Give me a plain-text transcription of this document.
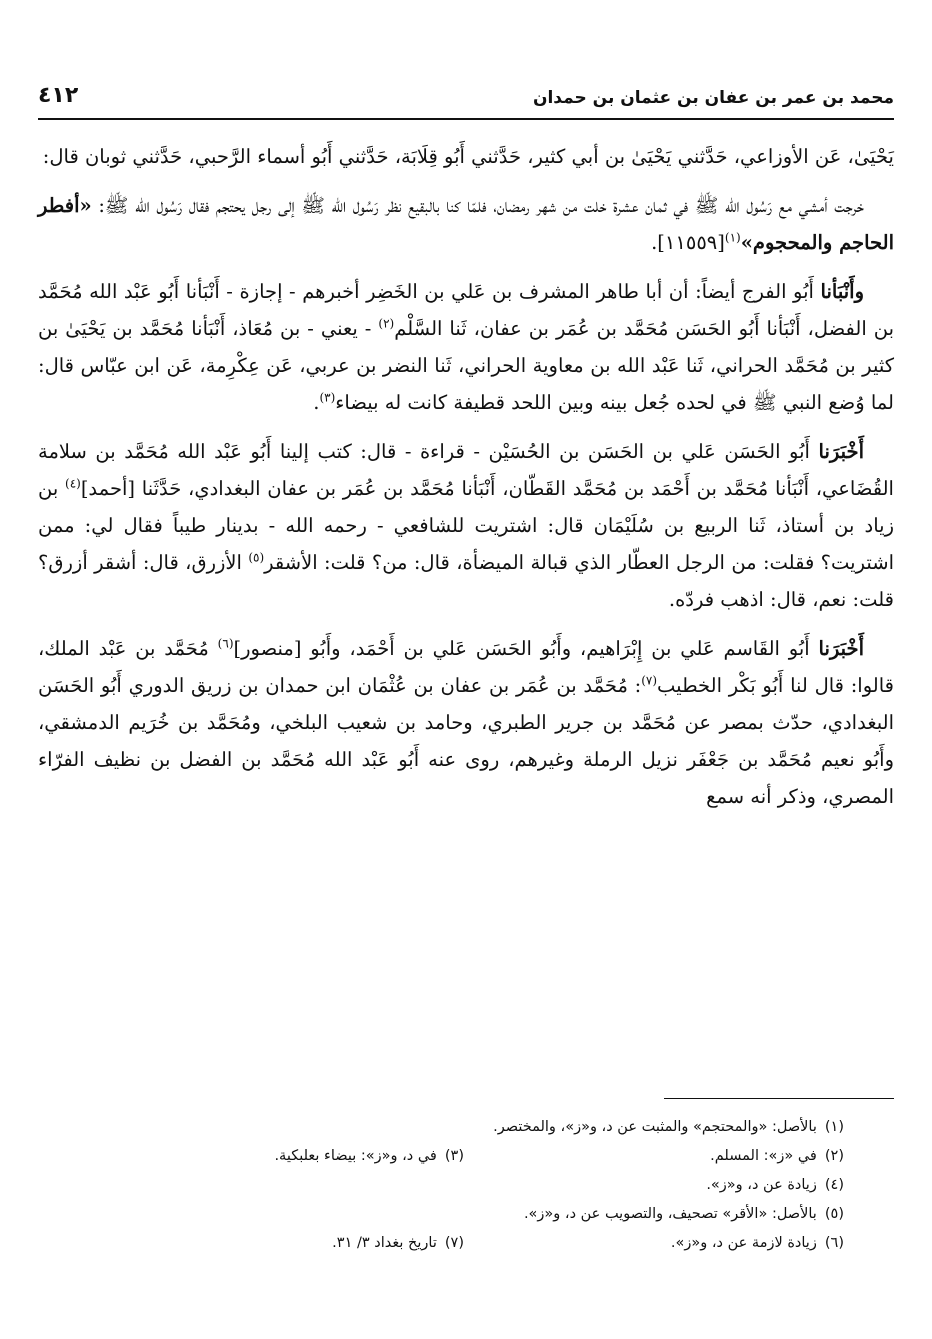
محمد بن عمر بن عفان بن عثمان بن حمدان
٤١٢

يَحْيَىٰ، عَن الأوزاعي، حَدَّثني يَحْيَىٰ بن أبي كثير، حَدَّثني أَبُو قِلَابَة، حَدَّثني أَبُو أسماء الرَّحبي، حَدَّثني ثوبان قال:

خرجت أمشي مع رَسُول الله ﷺ في ثمان عشرة خلت من شهر رمضان، فلمّا كنا بالبقيع نظر رَسُول الله ﷺ إلى رجل يحتجم فقال رَسُول الله ﷺ: «أفطر الحاجم والمحجوم»$^{(١)}$[١١٥٥٩].

وأَنْبَأنا أَبُو الفرج أيضاً: أن أبا طاهر المشرف بن عَلي بن الخَضِر أخبرهم - إجازة - أَنْبَأنا أَبُو عَبْد الله مُحَمَّد بن الفضل، أَنْبَأنا أَبُو الحَسَن مُحَمَّد بن عُمَر بن عفان، ثَنا السَّلْم$^{(٢)}$ - يعني - بن مُعَاذ، أَنْبَأنا مُحَمَّد بن يَحْيَىٰ بن كثير بن مُحَمَّد الحراني، ثَنا عَبْد الله بن معاوية الحراني، ثَنا النضر بن عربي، عَن عِكْرِمة، عَن ابن عبّاس قال: لما وُضع النبي ﷺ في لحده جُعل بينه وبين اللحد قطيفة كانت له بيضاء$^{(٣)}$.

أَخْبَرَنا أَبُو الحَسَن عَلي بن الحَسَن بن الحُسَيْن - قراءة - قال: كتب إلينا أَبُو عَبْد الله مُحَمَّد بن سلامة القُضَاعي، أَنْبَأنا مُحَمَّد بن أَحْمَد بن مُحَمَّد القَطّان، أَنْبَأنا مُحَمَّد بن عُمَر بن عفان البغدادي، حَدَّثَنا [أحمد]$^{(٤)}$ بن زياد بن أستاذ، ثَنا الربيع بن سُلَيْمَان قال: اشتريت للشافعي - رحمه الله - بدينار طيباً فقال لي: ممن اشتريت؟ فقلت: من الرجل العطّار الذي قبالة الميضأة، قال: من؟ قلت: الأشقر$^{(٥)}$ الأزرق، قال: أشقر أزرق؟ قلت: نعم، قال: اذهب فردّه.

أَخْبَرَنا أَبُو القَاسم عَلي بن إِبْرَاهيم، وأَبُو الحَسَن عَلي بن أَحْمَد، وأَبُو [منصور]$^{(٦)}$ مُحَمَّد بن عَبْد الملك، قالوا: قال لنا أَبُو بَكْر الخطيب$^{(٧)}$: مُحَمَّد بن عُمَر بن عفان بن عُثْمَان ابن حمدان بن زريق الدوري أَبُو الحَسَن البغدادي، حدّث بمصر عن مُحَمَّد بن جرير الطبري، وحامد بن شعيب البلخي، ومُحَمَّد بن خُرَيم الدمشقي، وأَبُو نعيم مُحَمَّد بن جَعْفَر نزيل الرملة وغيرهم، روى عنه أَبُو عَبْد الله مُحَمَّد بن الفضل بن نظيف الفرّاء المصري، وذكر أنه سمع

(١)
بالأصل: «والمحتجم» والمثبت عن د، و«ز»، والمختصر.
(٢)
في «ز»: المسلم.
(٣)
في د، و«ز»: بيضاء بعلبكية.
(٤)
زيادة عن د، و«ز».
(٥)
بالأصل: «الأقر» تصحيف، والتصويب عن د، و«ز».
(٦)
زيادة لازمة عن د، و«ز».
(٧)
تاريخ بغداد ٣/ ٣١.
